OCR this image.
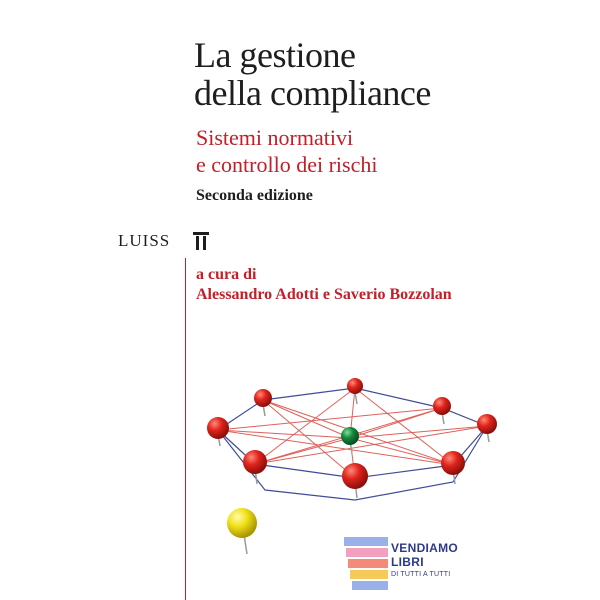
La gestione
della compliance
Sistemi normativi
e controllo dei rischi
Seconda edizione
LUISS
a cura di
Alessandro Adotti e Saverio Bozzolan
VENDIAMO
LIBRI
DI TUTTI A TUTTI
